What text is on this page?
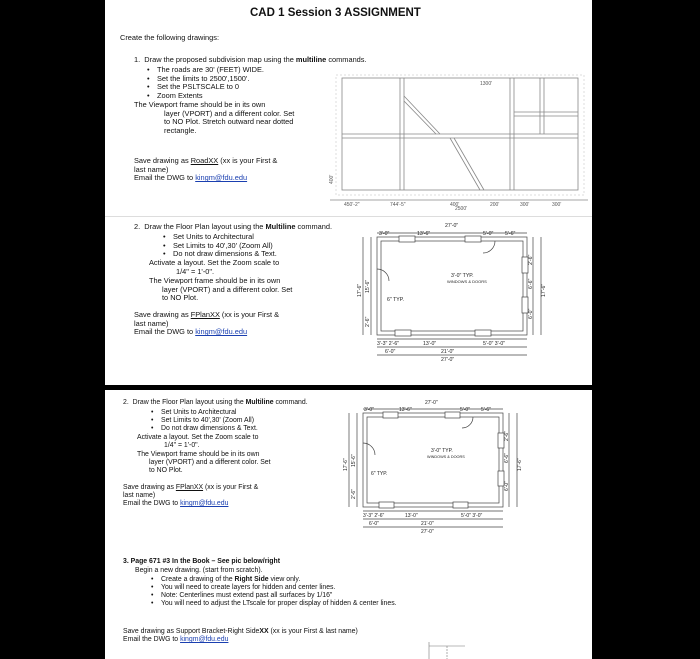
CAD 1 Session 3 ASSIGNMENT
Create the following drawings:
1. Draw the proposed subdivision map using the multiline commands.
• The roads are 30' (FEET) WIDE.
• Set the limits to 2500',1500'.
• Set the PSLTSCALE to 0
• Zoom Extents
The Viewport frame should be in its own
layer (VPORT) and a different color. Set
to NO Plot. Stretch outward near dotted
rectangle.
Save drawing as RoadXX (xx is your First &
last name)
Email the DWG to kingm@fdu.edu
1300'
450'-2"	744'-5"	400'	200'	300'	300'
2500'
400'
2. Draw the Floor Plan layout using the Multiline command.
• Set Units to Architectural
• Set Limits to 40',30' (Zoom All)
• Do not draw dimensions & Text.
Activate a layout. Set the Zoom scale to
1/4" = 1'-0".
The Viewport frame should be in its own
layer (VPORT) and a different color. Set
to NO Plot.
Save drawing as FPlanXX (xx is your First &
last name)
Email the DWG to kingm@fdu.edu
27'-0"
3'-0"	13'-6"	5'-0" 5'-6"
3'-0" TYP.
WINDOWS & DOORS
6" TYP.
3'-3" 2'-6"	13'-0"	5'-0" 3'-0"
6'-0"	21'-0"
27'-0"
17'-6" 15'-6"
2'-6"
2'-6"
6'-6"
6'-0"
17'-6"
2. Draw the Floor Plan layout using the Multiline command.
• Set Units to Architectural
• Set Limits to 40',30' (Zoom All)
• Do not draw dimensions & Text.
Activate a layout. Set the Zoom scale to
1/4" = 1'-0".
The Viewport frame should be in its own
layer (VPORT) and a different color. Set
to NO Plot.
Save drawing as FPlanXX (xx is your First &
last name)
Email the DWG to kingm@fdu.edu
27'-0"
3'-0"	13'-6"	5'-0" 5'-6"
3'-0" TYP.
WINDOWS & DOORS
6" TYP.
3'-3" 2'-6"	13'-0"	5'-0" 3'-0"
6'-0"	21'-0"
27'-0"
17'-6" 15'-6"
2'-6"
2'-6"
6'-6"
6'-0"
17'-6"
3. Page 671 #3 In the Book – See pic below/right
Begin a new drawing. (start from scratch).
• Create a drawing of the Right Side view only.
• You will need to create layers for hidden and center lines.
• Note: Centerlines must extend past all surfaces by 1/16"
• You will need to adjust the LTscale for proper display of hidden & center lines.
Save drawing as Support Bracket-Right SideXX (xx is your First & last name)
Email the DWG to kingm@fdu.edu
